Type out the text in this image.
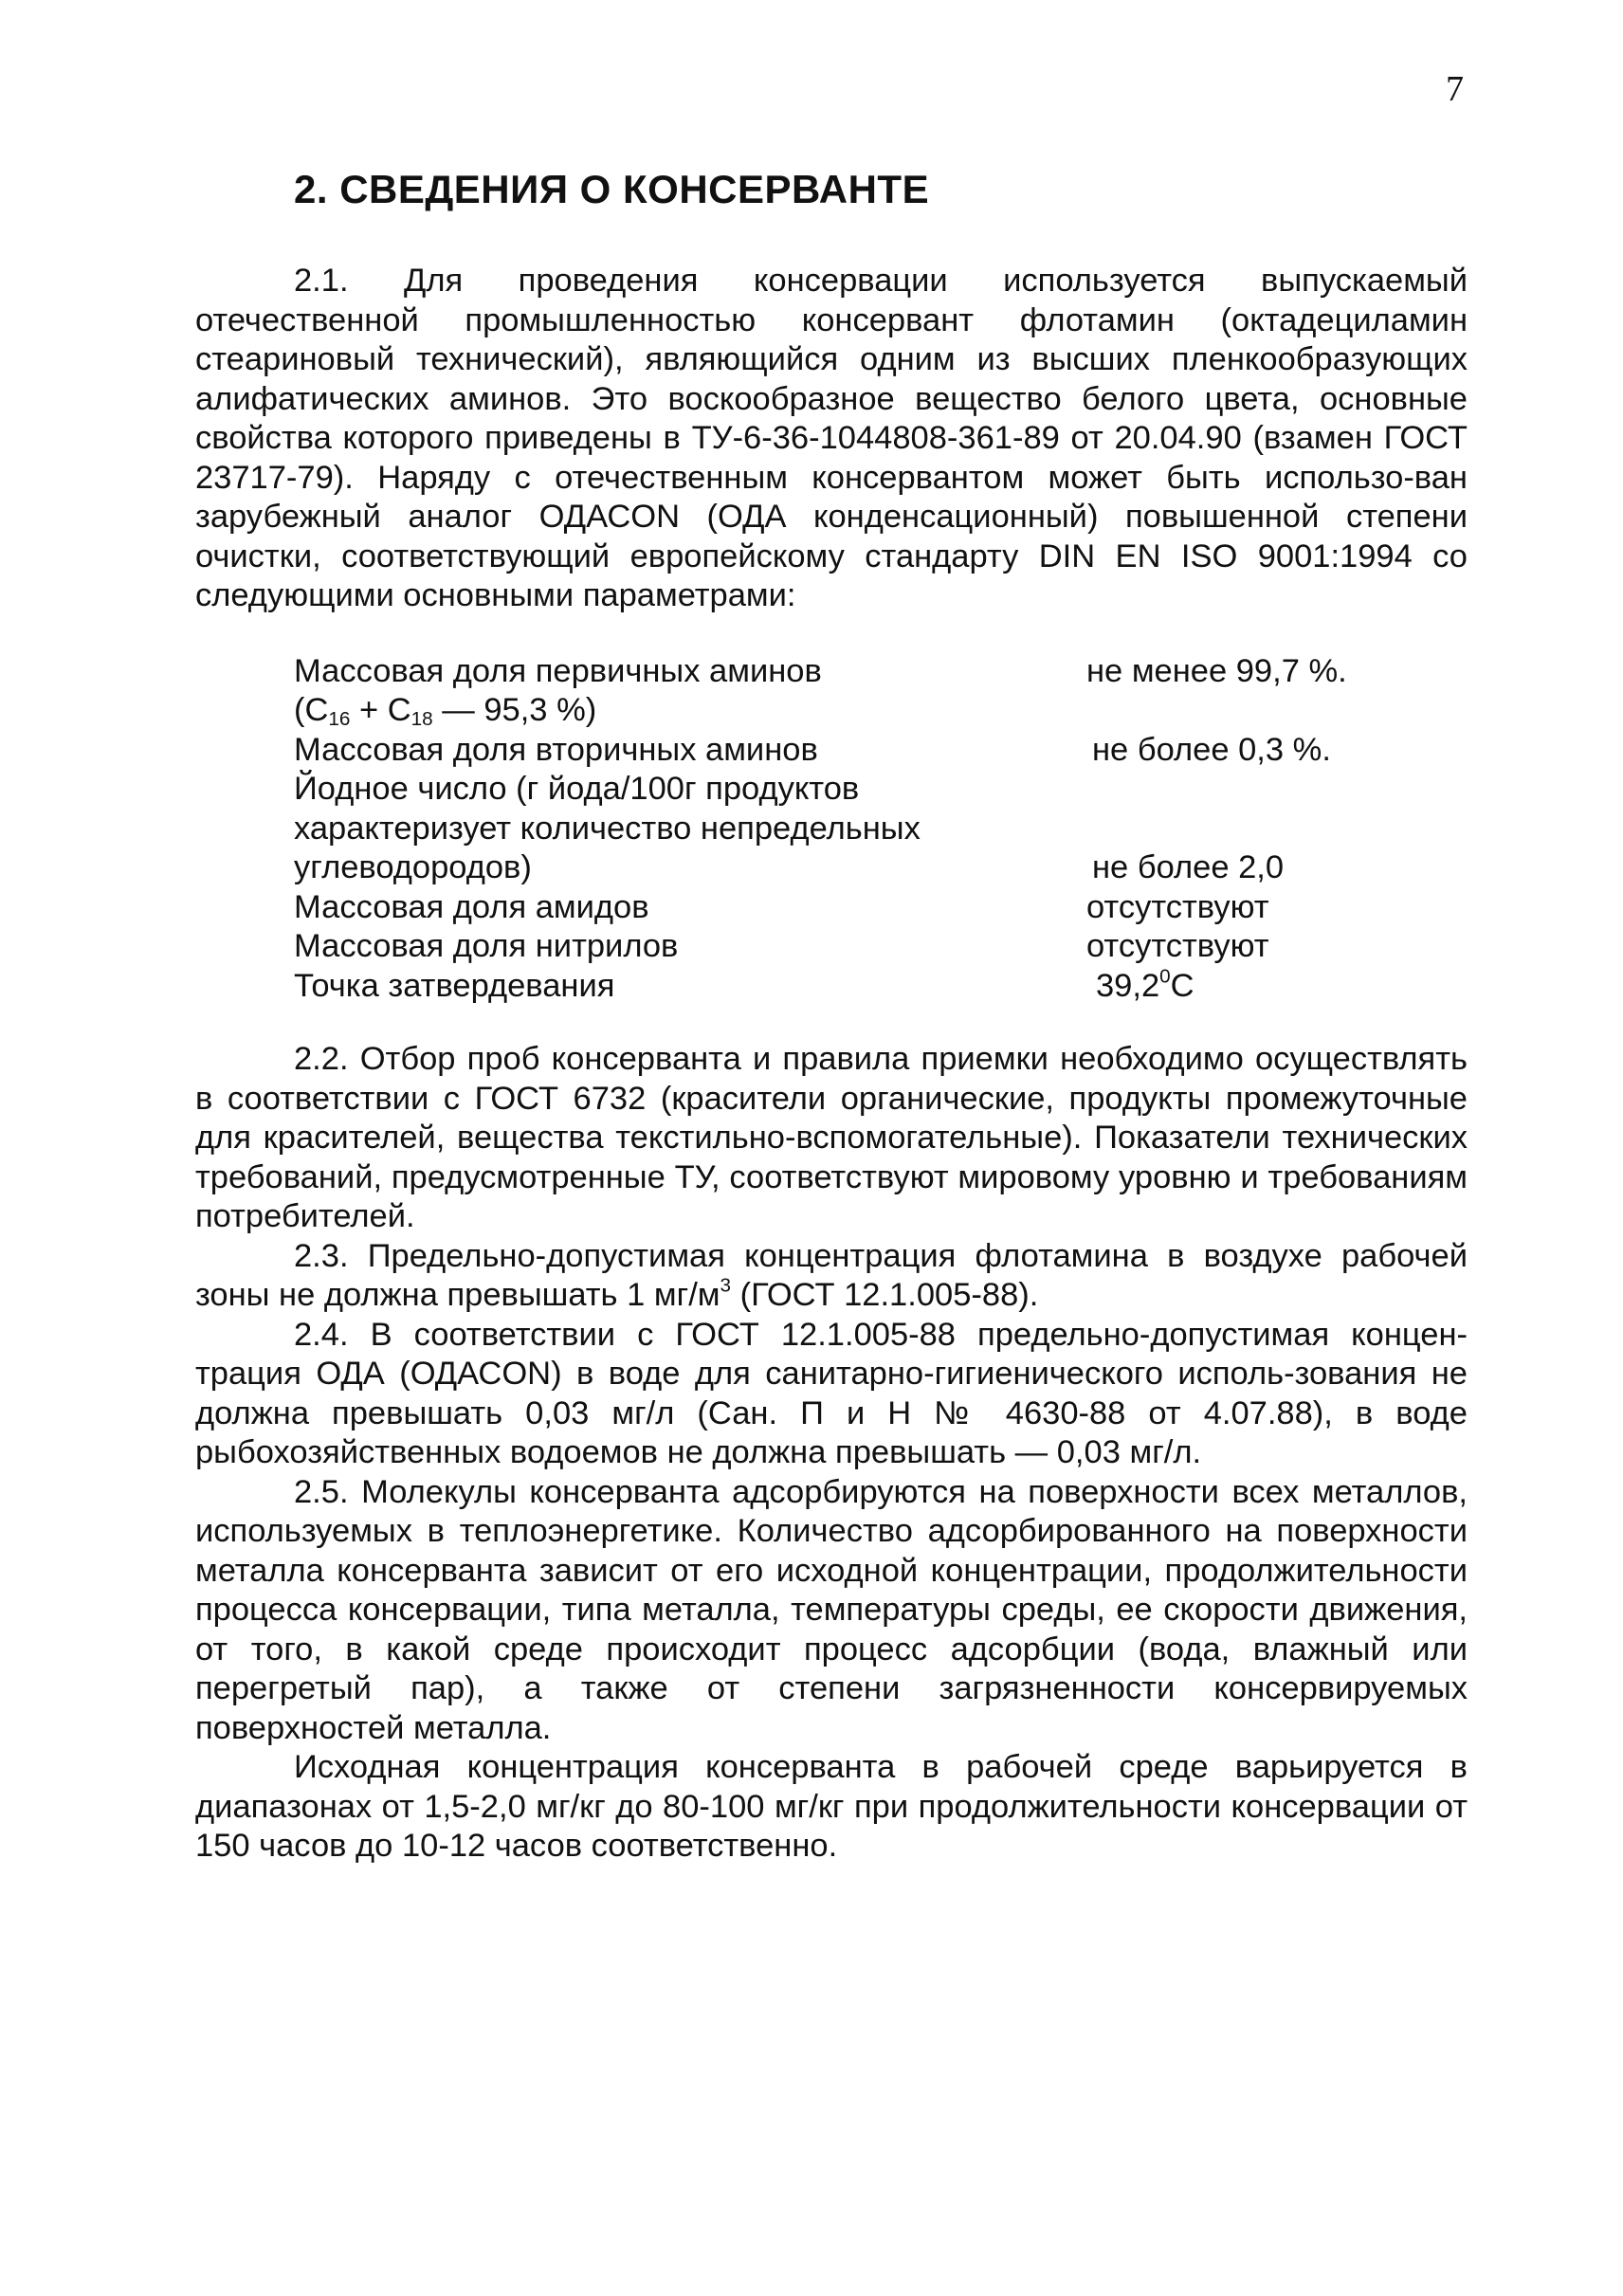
7
2. СВЕДЕНИЯ О КОНСЕРВАНТЕ

2.1. Для проведения консервации используется выпускаемый отечественной промышленностью консервант флотамин (октадециламин стеариновый технический), являющийся одним из высших пленкообразующих алифатических аминов. Это воскообразное вещество белого цвета, основные свойства которого приведены в ТУ-6-36-1044808-361-89 от 20.04.90 (взамен ГОСТ 23717-79). Наряду с отечественным консервантом может быть использо-ван зарубежный аналог ОДАСON (ОДА конденсационный) повышенной степени очистки, соответствующий европейскому стандарту DIN EN ISO 9001:1994 со следующими основными параметрами:

Массовая доля первичных аминов	не менее 99,7 %.
($C_{16} + C_{18}$ — 95,3 %)
Массовая доля вторичных аминов	не более 0,3 %.
Йодное число (г йода/100г продуктов
характеризует количество непредельных
углеводородов)	не более 2,0
Массовая доля амидов	отсутствуют
Массовая доля нитрилов	отсутствуют
Точка затвердевания	39,2$^0$С

2.2. Отбор проб консерванта и правила приемки необходимо осуществлять в соответствии с ГОСТ 6732 (красители органические, продукты промежуточные для красителей, вещества текстильно-вспомогательные). Показатели технических требований, предусмотренные ТУ, соответствуют мировому уровню и требованиям потребителей.

2.3. Предельно-допустимая концентрация флотамина в воздухе рабочей зоны не должна превышать 1 $мг/м^3$ (ГОСТ 12.1.005-88).

2.4. В соответствии с ГОСТ 12.1.005-88 предельно-допустимая концен-трация ОДА (ОДАСON) в воде для санитарно-гигиенического исполь-зования не должна превышать 0,03 мг/л (Сан. П и Н № 4630-88 от 4.07.88), в воде рыбохозяйственных водоемов не должна превышать — 0,03 мг/л.

2.5. Молекулы консерванта адсорбируются на поверхности всех металлов, используемых в теплоэнергетике. Количество адсорбированного на поверхности металла консерванта зависит от его исходной концентрации, продолжительности процесса консервации, типа металла, температуры среды, ее скорости движения, от того, в какой среде происходит процесс адсорбции (вода, влажный или перегретый пар), а также от степени загрязненности консервируемых поверхностей металла.

Исходная концентрация консерванта в рабочей среде варьируется в диапазонах от 1,5-2,0 мг/кг до 80-100 мг/кг при продолжительности консервации от 150 часов до 10-12 часов соответственно.
